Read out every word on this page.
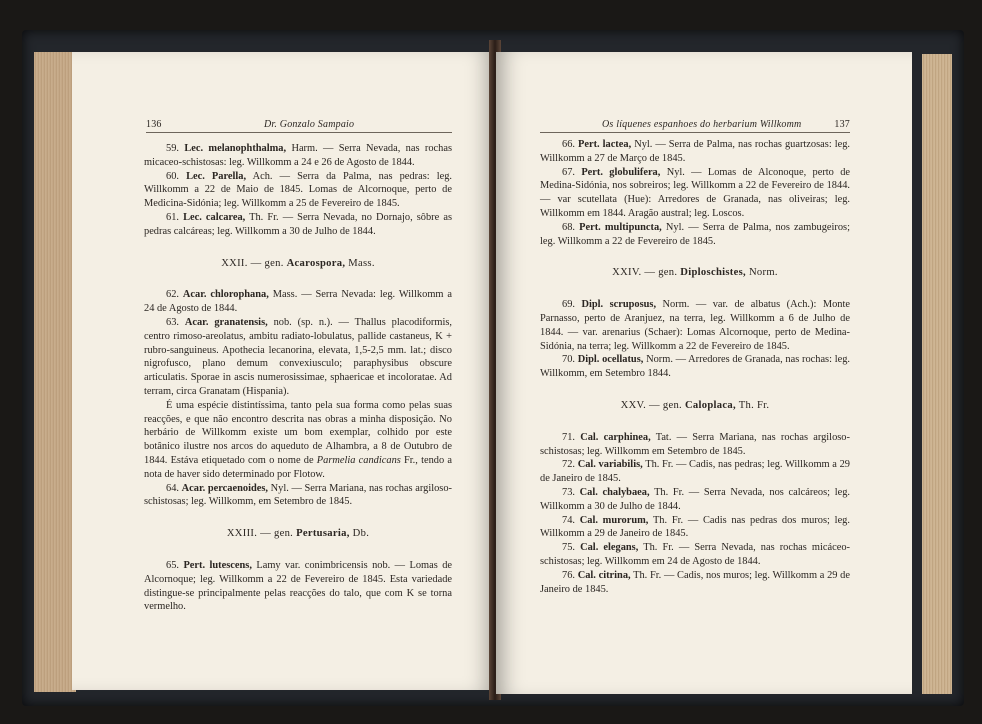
136	Dr. Gonzalo Sampaio

59. Lec. melanophthalma, Harm. — Serra Nevada, nas rochas micaceo-schistosas: leg. Willkomm a 24 e 26 de Agosto de 1844.

60. Lec. Parella, Ach. — Serra da Palma, nas pedras: leg. Willkomm a 22 de Maio de 1845. Lomas de Alcornoque, perto de Medicina-Sidónia; leg. Willkomm a 25 de Fevereiro de 1845.

61. Lec. calcarea, Th. Fr. — Serra Nevada, no Dornajo, sôbre as pedras calcáreas; leg. Willkomm a 30 de Julho de 1844.

XXII. — gen. Acarospora, Mass.

62. Acar. chlorophana, Mass. — Serra Nevada: leg. Willkomm a 24 de Agosto de 1844.

63. Acar. granatensis, nob. (sp. n.). — Thallus placodiformis, centro rimoso-areolatus, ambitu radiato-lobulatus, pallide castaneus, K + rubro-sanguineus. Apothecia lecanorina, elevata, 1,5-2,5 mm. lat.; disco nigrofusco, plano demum convexiusculo; paraphysibus obscure articulatis. Sporae in ascis numerosissimae, sphaericae et incoloratae. Ad terram, circa Granatam (Hispania).

É uma espécie distintíssima, tanto pela sua forma como pelas suas reacções, e que não encontro descrita nas obras a minha disposição. No herbário de Willkomm existe um bom exemplar, colhido por este botânico ilustre nos arcos do aqueduto de Alhambra, a 8 de Outubro de 1844. Estáva etiquetado com o nome de Parmelia candicans Fr., tendo a nota de haver sido determinado por Flotow.

64. Acar. percaenoides, Nyl. — Serra Mariana, nas rochas argiloso-schistosas; leg. Willkomm, em Setembro de 1845.

XXIII. — gen. Pertusaria, Db.

65. Pert. lutescens, Lamy var. conimbricensis nob. — Lomas de Alcornoque; leg. Willkomm a 22 de Fevereiro de 1845. Esta variedade distingue-se principalmente pelas reacções do talo, que com K se torna vermelho.

Os líquenes espanhoes do herbarium Willkomm	137

66. Pert. lactea, Nyl. — Serra de Palma, nas rochas guartzosas: leg. Willkomm a 27 de Março de 1845.

67. Pert. globulifera, Nyl. — Lomas de Alconoque, perto de Medina-Sidónia, nos sobreiros; leg. Willkomm a 22 de Fevereiro de 1844. — var scutellata (Hue): Arredores de Granada, nas oliveiras; leg. Willkomm em 1844. Aragão austral; leg. Loscos.

68. Pert. multipuncta, Nyl. — Serra de Palma, nos zambugeiros; leg. Willkomm a 22 de Fevereiro de 1845.

XXIV. — gen. Diploschistes, Norm.

69. Dipl. scruposus, Norm. — var. de albatus (Ach.): Monte Parnasso, perto de Aranjuez, na terra, leg. Willkomm a 6 de Julho de 1844. — var. arenarius (Schaer): Lomas Alcornoque, perto de Medina-Sidónia, na terra; leg. Willkomm a 22 de Fevereiro de 1845.

70. Dipl. ocellatus, Norm. — Arredores de Granada, nas rochas: leg. Willkomm, em Setembro 1844.

XXV. — gen. Caloplaca, Th. Fr.

71. Cal. carphinea, Tat. — Serra Mariana, nas rochas argiloso-schistosas; leg. Willkomm em Setembro de 1845.

72. Cal. variabilis, Th. Fr. — Cadis, nas pedras; leg. Willkomm a 29 de Janeiro de 1845.

73. Cal. chalybaea, Th. Fr. — Serra Nevada, nos calcáreos; leg. Willkomm a 30 de Julho de 1844.

74. Cal. murorum, Th. Fr. — Cadis nas pedras dos muros; leg. Willkomm a 29 de Janeiro de 1845.

75. Cal. elegans, Th. Fr. — Serra Nevada, nas rochas micáceo-schistosas; leg. Willkomm em 24 de Agosto de 1844.

76. Cal. citrina, Th. Fr. — Cadis, nos muros; leg. Willkomm a 29 de Janeiro de 1845.
